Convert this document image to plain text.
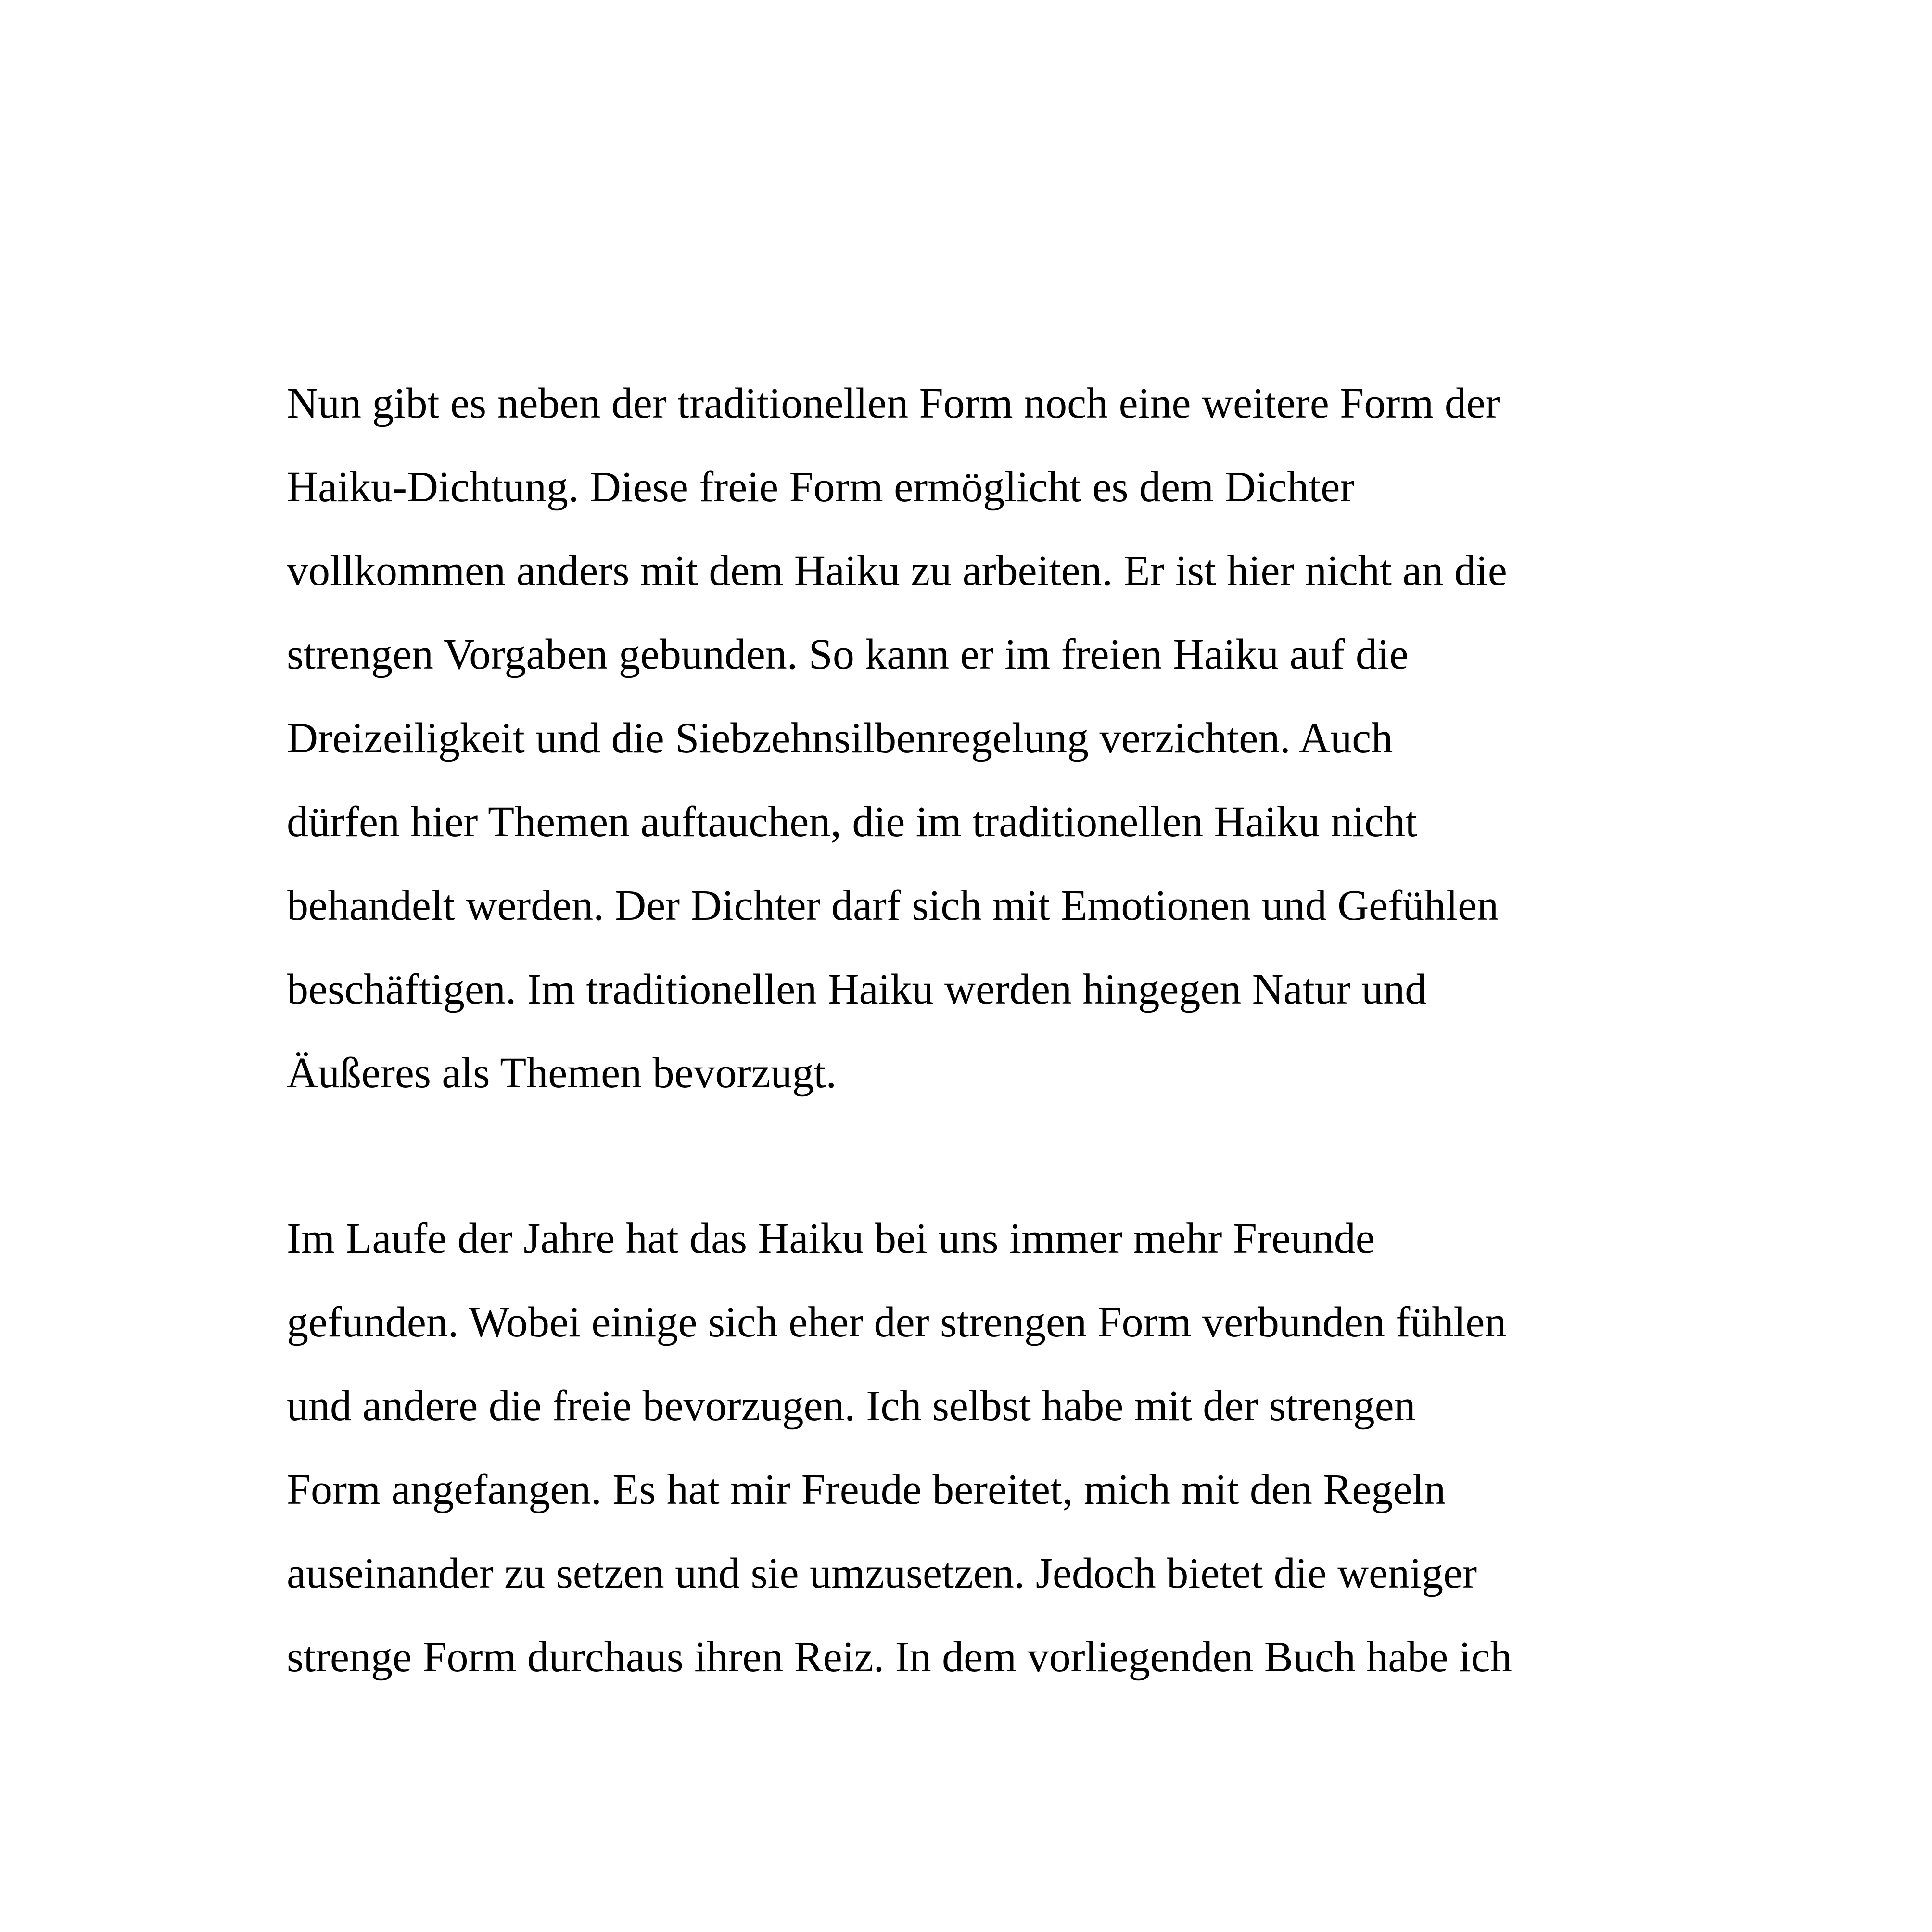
Nun gibt es neben der traditionellen Form noch eine weitere Form der
Haiku-Dichtung. Diese freie Form ermöglicht es dem Dichter
vollkommen anders mit dem Haiku zu arbeiten. Er ist hier nicht an die
strengen Vorgaben gebunden. So kann er im freien Haiku auf die
Dreizeiligkeit und die Siebzehnsilbenregelung verzichten. Auch
dürfen hier Themen auftauchen, die im traditionellen Haiku nicht
behandelt werden. Der Dichter darf sich mit Emotionen und Gefühlen
beschäftigen. Im traditionellen Haiku werden hingegen Natur und
Äußeres als Themen bevorzugt.
Im Laufe der Jahre hat das Haiku bei uns immer mehr Freunde
gefunden. Wobei einige sich eher der strengen Form verbunden fühlen
und andere die freie bevorzugen. Ich selbst habe mit der strengen
Form angefangen. Es hat mir Freude bereitet, mich mit den Regeln
auseinander zu setzen und sie umzusetzen. Jedoch bietet die weniger
strenge Form durchaus ihren Reiz. In dem vorliegenden Buch habe ich
